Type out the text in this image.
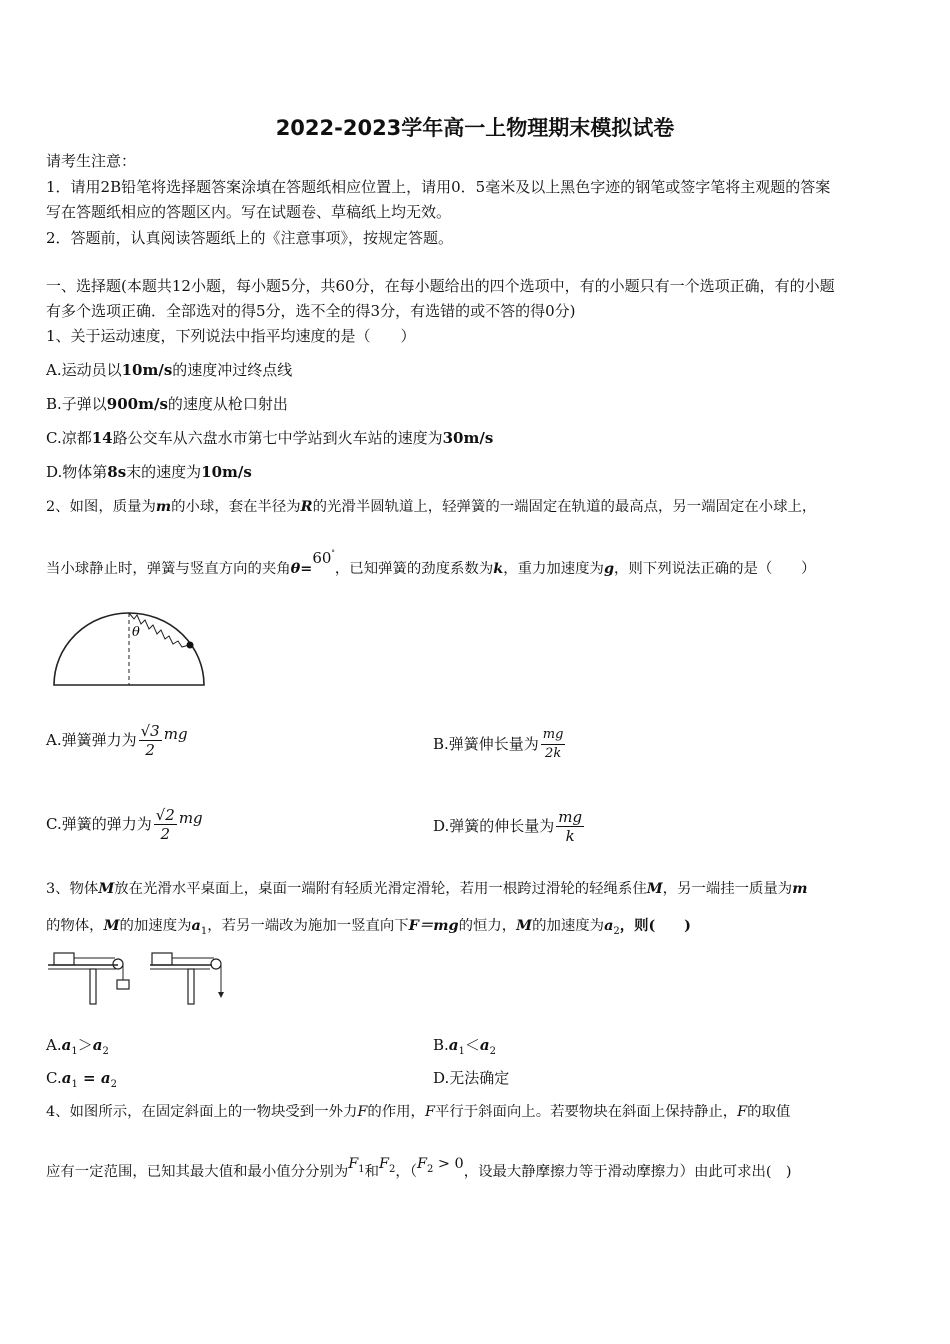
2022-2023学年高一上物理期末模拟试卷
请考生注意：
1．请用2B铅笔将选择题答案涂填在答题纸相应位置上，请用0．5毫米及以上黑色字迹的钢笔或签字笔将主观题的答案
写在答题纸相应的答题区内。写在试题卷、草稿纸上均无效。
2．答题前，认真阅读答题纸上的《注意事项》，按规定答题。
一、选择题(本题共12小题，每小题5分，共60分，在每小题给出的四个选项中，有的小题只有一个选项正确，有的小题
有多个选项正确．全部选对的得5分，选不全的得3分，有选错的或不答的得0分)
1、关于运动速度，下列说法中指平均速度的是（　　）
A.运动员以10m/s的速度冲过终点线
B.子弹以900m/s的速度从枪口射出
C.凉都14路公交车从六盘水市第七中学站到火车站的速度为30m/s
D.物体第8s末的速度为10m/s
2、如图，质量为m的小球，套在半径为R的光滑半圆轨道上，轻弹簧的一端固定在轨道的最高点，另一端固定在小球上，
当小球静止时，弹簧与竖直方向的夹角θ=60°，已知弹簧的劲度系数为k，重力加速度为g，则下列说法正确的是（　　）
θ
A.弹簧弹力为 $\frac{√3}{2}$ mg
B.弹簧伸长量为 $\frac{mg}{2k}$
C.弹簧的弹力为 $\frac{√2}{2}$ mg	D.弹簧的伸长量为 $\frac{mg}{k}$
3、物体M放在光滑水平桌面上，桌面一端附有轻质光滑定滑轮，若用一根跨过滑轮的轻绳系住M，另一端挂一质量为m
的物体，M的加速度为$a_1$，若另一端改为施加一竖直向下F＝mg的恒力，M的加速度为$a_2$，则(　　)
$A.a_1>a_2$	$B.a_1<a_2$
$C.a_1 = a_2$	D.无法确定
4、如图所示，在固定斜面上的一物块受到一外力F的作用，F平行于斜面向上。若要物块在斜面上保持静止，F的取值
应有一定范围，已知其最大值和最小值分分别为$F_1$和$F_2$，（$F_2 > 0$，设最大静摩擦力等于滑动摩擦力）由此可求出(　)
